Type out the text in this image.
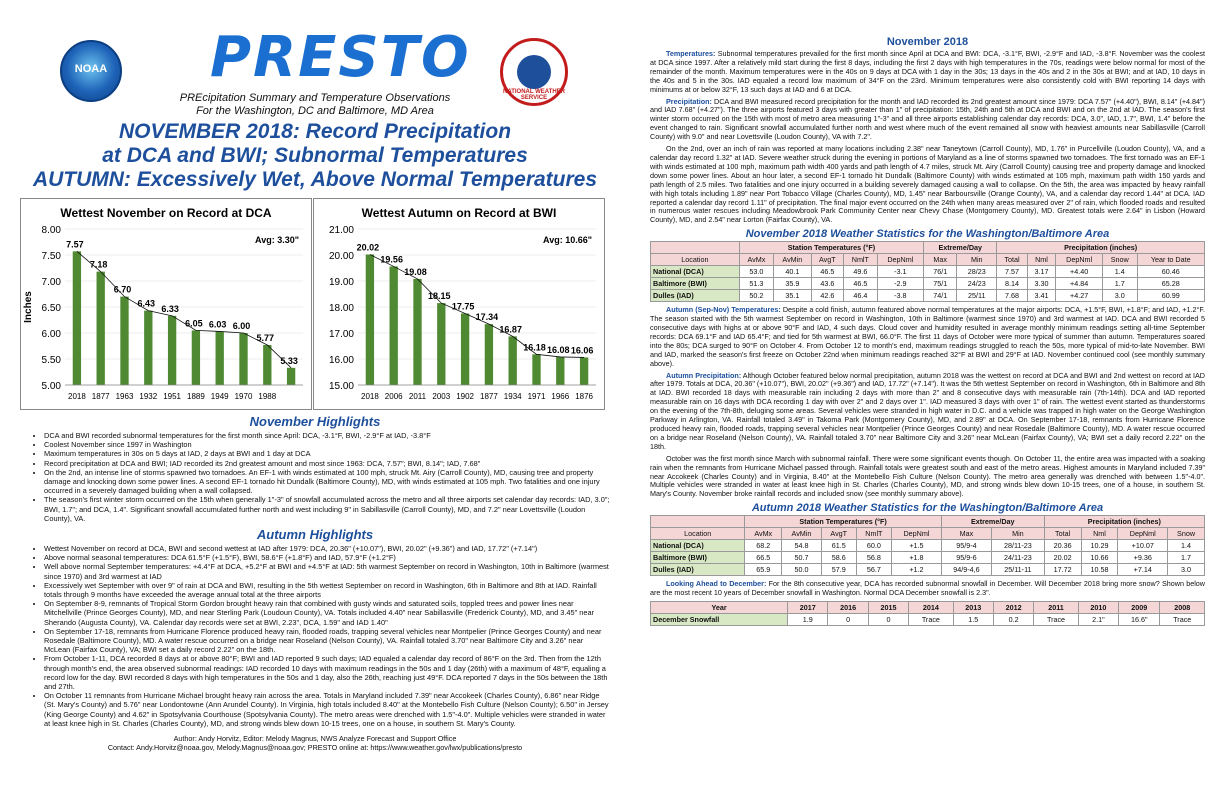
NOAA PRESTO
PREcipitation Summary and Temperature Observations
For the Washington, DC and Baltimore, MD Area
NATIONAL WEATHER SERVICE
NOVEMBER 2018: Record Precipitation
at DCA and BWI; Subnormal Temperatures
AUTUMN: Excessively Wet, Above Normal Temperatures
Wettest November on Record at DCA
8.00
7.50
7.00
6.50
6.00
5.50
5.00
Inches
7.57
7.18
6.70
6.43
6.33
6.05 6.03 6.00
5.77
5.33
2018 1877 1963 1932 1951 1889 1949 1970 1988
Avg: 3.30"
Wettest Autumn on Record at BWI
21.00
20.00
19.00
18.00
17.00
16.00
15.00
20.02
19.56
19.08
18.15
17.75
17.34
16.87
16.18 16.08 16.06
2018 2006 2011 2003 1902 1877 1934 1971 1966 1876
Avg: 10.66"
November Highlights
• DCA and BWI recorded subnormal temperatures for the first month since April: DCA, -3.1°F, BWI, -2.9°F at IAD, -3.8°F
• Coolest November since 1997 in Washington
• Maximum temperatures in 30s on 5 days at IAD, 2 days at BWI and 1 day at DCA
• Record precipitation at DCA and BWI; IAD recorded its 2nd greatest amount and most since 1963: DCA, 7.57"; BWI, 8.14"; IAD, 7.68"
• On the 2nd, an intense line of storms spawned two tornadoes. An EF-1 with winds estimated at 100 mph, struck Mt. Airy (Carroll County), MD, causing tree and property damage and knocking down some power lines. A second EF-1 tornado hit Dundalk (Baltimore County), MD, with winds estimated at 105 mph. Two fatalities and one injury occurred in a severely damaged building when a wall collapsed.
• The season's first winter storm occurred on the 15th when generally 1"-3" of snowfall accumulated across the metro and all three airports set calendar day records: IAD, 3.0"; BWI, 1.7"; and DCA, 1.4". Significant snowfall accumulated further north and west including 9" in Sabillasville (Carroll County), MD, and 7.2" near Lovettsville (Loudon County), VA.
Autumn Highlights
• Wettest November on record at DCA, BWI and second wettest at IAD after 1979: DCA, 20.36" (+10.07"), BWI, 20.02" (+9.36") and IAD, 17.72" (+7.14")
• Above normal seasonal temperatures: DCA 61.5°F (+1.5°F), BWI, 58.6°F (+1.8°F) and IAD, 57.9°F (+1.2°F)
• Well above normal September temperatures: +4.4°F at DCA, +5.2°F at BWI and +4.5°F at IAD: 5th warmest September on record in Washington, 10th in Baltimore (warmest since 1970) and 3rd warmest at IAD
• Excessively wet September with over 9" of rain at DCA and BWI, resulting in the 5th wettest September on record in Washington, 6th in Baltimore and 8th at IAD. Rainfall totals through 9 months have exceeded the average annual total at the three airports
• On September 8-9, remnants of Tropical Storm Gordon brought heavy rain that combined with gusty winds and saturated soils, toppled trees and power lines near Mitchellville (Prince Georges County), MD, and near Sterling Park (Loudoun County), VA. Totals included 4.40" near Sabillasville (Frederick County), MD, and 3.45" near Sherando (Augusta County), VA. Calendar day records were set at BWI, 2.23", DCA, 1.59" and IAD 1.40"
• On September 17-18, remnants from Hurricane Florence produced heavy rain, flooded roads, trapping several vehicles near Montpelier (Prince Georges County) and near Rosedale (Baltimore County), MD. A water rescue occurred on a bridge near Roseland (Nelson County), VA. Rainfall totaled 3.70" near Baltimore City and 3.26" near McLean (Fairfax County), VA; BWI set a daily record 2.22" on the 18th.
• From October 1-11, DCA recorded 8 days at or above 80°F; BWI and IAD reported 9 such days; IAD equaled a calendar day record of 86°F on the 3rd. Then from the 12th through month's end, the area observed subnormal readings: IAD recorded 10 days with maximum readings in the 50s and 1 day (26th) with a maximum of 48°F, equaling a record low for the day. BWI recorded 8 days with high temperatures in the 50s and 1 day, also the 26th, reaching just 49°F. DCA reported 7 days in the 50s between the 18th and 27th.
• On October 11 remnants from Hurricane Michael brought heavy rain across the area. Totals in Maryland included 7.39" near Accokeek (Charles County), 6.86" near Ridge (St. Mary's County) and 5.76" near Londontowne (Ann Arundel County). In Virginia, high totals included 8.40" at the Montebello Fish Culture (Nelson County); 6.50" in Jersey (King George County) and 4.62" in Spotsylvania Courthouse (Spotsylvania County). The metro areas were drenched with 1.5"-4.0". Multiple vehicles were stranded in water at least knee high in St. Charles (Charles County), MD, and strong winds blew down 10-15 trees, one on a house, in southern St. Mary's County.
Author: Andy Horvitz, Editor: Melody Magnus, NWS Analyze Forecast and Support Office
Contact: Andy.Horvitz@noaa.gov, Melody.Magnus@noaa.gov; PRESTO online at: https://www.weather.gov/lwx/publications/presto
November 2018

Temperatures: Subnormal temperatures prevailed for the first month since April at DCA and BWI: DCA, -3.1°F, BWI, -2.9°F and IAD, -3.8°F. November was the coolest at DCA since 1997. After a relatively mild start during the first 8 days, including the first 2 days with high temperatures in the 70s, readings were below normal for most of the remainder of the month. Maximum temperatures were in the 40s on 9 days at DCA with 1 day in the 30s; 13 days in the 40s and 2 in the 30s at BWI; and at IAD, 10 days in the 40s and 5 in the 30s. IAD equaled a record low maximum of 34°F on the 23rd. Minimum temperatures were also consistently cold with BWI reporting 14 days with minimums at or below 32°F, 13 such days at IAD and 6 at DCA.

Precipitation: DCA and BWI measured record precipitation for the month and IAD recorded its 2nd greatest amount since 1979: DCA 7.57" (+4.40"), BWI, 8.14" (+4.84") and IAD 7.68" (+4.27"). The three airports featured 3 days with greater than 1" of precipitation: 15th, 24th and 5th at DCA and BWI and on the 2nd at IAD. The season's first winter storm occurred on the 15th with most of metro area measuring 1"-3" and all three airports establishing calendar day records: DCA, 3.0", IAD, 1.7", BWI, 1.4" before the event changed to rain. Significant snowfall accumulated further north and west where much of the event remained all snow with heaviest amounts near Sabillasville (Carroll County) with 9.0" and near Lovettsville (Loudon County), VA with 7.2".

On the 2nd, over an inch of rain was reported at many locations including 2.38" near Taneytown (Carroll County), MD, 1.76" in Purcellville (Loudon County), VA, and a calendar day record 1.32" at IAD. Severe weather struck during the evening in portions of Maryland as a line of storms spawned two tornadoes. The first tornado was an EF-1 with winds estimated at 100 mph, maximum path width 400 yards and path length of 4.7 miles, struck Mt. Airy (Carroll County) causing tree and property damage and knocked down some power lines. About an hour later, a second EF-1 tornado hit Dundalk (Baltimore County) with winds estimated at 105 mph, maximum path width 150 yards and path length of 2.5 miles. Two fatalities and one injury occurred in a building severely damaged causing a wall to collapse. On the 5th, the area was impacted by heavy rainfall with high totals including 1.89" near Port Tobacco Village (Charles County), MD, 1.45" near Barboursville (Orange County), VA, and a calendar day record 1.44" at DCA. IAD reported a calendar day record 1.11" of precipitation. The final major event occurred on the 24th when many areas measured over 2" of rain, which flooded roads and resulted in numerous water rescues including Meadowbrook Park Community Center near Chevy Chase (Montgomery County), MD. Greatest totals were 2.64" in Lisbon (Howard County), MD, and 2.54" near Lorton (Fairfax County), VA.

November 2018 Weather Statistics for the Washington/Baltimore Area
	Station Temperatures (°F)					Extreme/Day		Precipitation (inches)				
Location	AvMx	AvMin	AvgT	NmlT	DepNml	Max	Min	Total	Nml	DepNml	Snow	Year to Date
National (DCA)	53.0	40.1	46.5	49.6	-3.1	76/1	28/23	7.57	3.17	+4.40	1.4	60.46
Baltimore (BWI)	51.3	35.9	43.6	46.5	-2.9	75/1	24/23	8.14	3.30	+4.84	1.7	65.28
Dulles (IAD)	50.2	35.1	42.6	46.4	-3.8	74/1	25/11	7.68	3.41	+4.27	3.0	60.99

Autumn (Sep-Nov) Temperatures: Despite a cold finish, autumn featured above normal temperatures at the major airports: DCA, +1.5°F, BWI, +1.8°F; and IAD, +1.2°F. The season started with the 5th warmest September on record in Washington, 10th in Baltimore (warmest since 1970) and 3rd warmest at IAD. DCA and BWI recorded 5 consecutive days with highs at or above 90°F and IAD, 4 such days. Cloud cover and humidity resulted in average monthly minimum readings setting all-time September records: DCA 69.1°F and IAD 65.4°F; and tied for 5th warmest at BWI, 66.0°F. The first 11 days of October were more typical of summer than autumn. Temperatures soared into the 80s; DCA surged to 90°F on October 4. From October 12 to month's end, maximum readings struggled to reach the 50s, more typical of mid-to-late November. BWI and IAD, marked the season's first freeze on October 22nd when minimum readings reached 32°F at BWI and 29°F at IAD. November continued cool (see monthly summary above).

Autumn Precipitation: Although October featured below normal precipitation, autumn 2018 was the wettest on record at DCA and BWI and 2nd wettest on record at IAD after 1979. Totals at DCA, 20.36" (+10.07"), BWI, 20.02" (+9.36") and IAD, 17.72" (+7.14"). It was the 5th wettest September on record in Washington, 6th in Baltimore and 8th at IAD. BWI recorded 18 days with measurable rain including 2 days with more than 2" and 8 consecutive days with measurable rain (7th-14th). DCA and IAD reported measurable rain on 16 days with DCA recording 1 day with over 2" and 2 days over 1". IAD measured 3 days with over 1" of rain. The wettest event started as thunderstorms on the evening of the 7th-8th, deluging some areas. Several vehicles were stranded in high water in D.C. and a vehicle was trapped in high water on the George Washington Parkway in Arlington, VA. Rainfall totaled 3.49" in Takoma Park (Montgomery County), MD, and 2.89" at DCA. On September 17-18, remnants from Hurricane Florence produced heavy rain, flooded roads, trapping several vehicles near Montpelier (Prince Georges County) and near Rosedale (Baltimore County), MD. A water rescue occurred on a bridge near Roseland (Nelson County), VA. Rainfall totaled 3.70" near Baltimore City and 3.26" near McLean (Fairfax County), VA; BWI set a daily record 2.22" on the 18th.

October was the first month since March with subnormal rainfall. There were some significant events though. On October 11, the entire area was impacted with a soaking rain when the remnants from Hurricane Michael passed through. Rainfall totals were greatest south and east of the metro areas. Highest amounts in Maryland included 7.39" near Accokeek (Charles County) and in Virginia, 8.40" at the Montebello Fish Culture (Nelson County). The metro area generally was drenched with between 1.5"-4.0". Multiple vehicles were stranded in water at least knee high in St. Charles (Charles County), MD, and strong winds blew down 10-15 trees, one of a house, in southern St. Mary's County. November broke rainfall records and included snow (see monthly summary above).

Autumn 2018 Weather Statistics for the Washington/Baltimore Area
	Station Temperatures (°F)					Extreme/Day		Precipitation (inches)			
Location	AvMx	AvMin	AvgT	NmlT	DepNml	Max	Min	Total	Nml	DepNml	Snow
National (DCA)	68.2	54.8	61.5	60.0	+1.5	95/9-4	28/11-23	20.36	10.29	+10.07	1.4
Baltimore (BWI)	66.5	50.7	58.6	56.8	+1.8	95/9-6	24/11-23	20.02	10.66	+9.36	1.7
Dulles (IAD)	65.9	50.0	57.9	56.7	+1.2	94/9-4,6	25/11-11	17.72	10.58	+7.14	3.0

Looking Ahead to December: For the 8th consecutive year, DCA has recorded subnormal snowfall in December. Will December 2018 bring more snow? Shown below are the most recent 10 years of December snowfall in Washington. Normal DCA December snowfall is 2.3".

Year	2017	2016	2015	2014	2013	2012	2011	2010	2009	2008
December Snowfall	1.9	0	0	Trace	1.5	0.2	Trace	2.1"	16.6"	Trace
